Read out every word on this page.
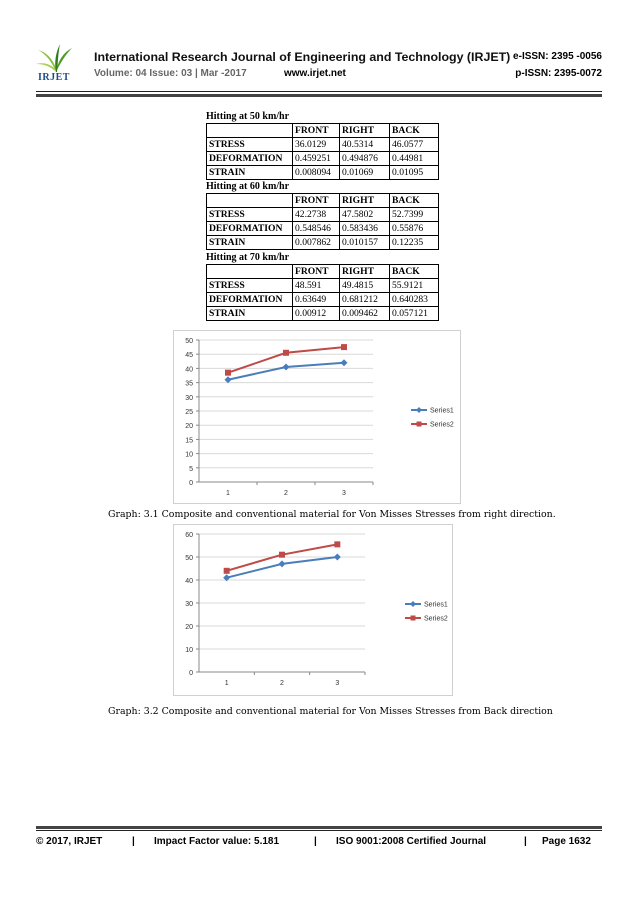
IRJET
International Research Journal of Engineering and Technology (IRJET) e-ISSN: 2395 -0056
Volume: 04 Issue: 03 | Mar -2017	www.irjet.net	p-ISSN: 2395-0072
Hitting at 50 km/hr
	FRONT	RIGHT	BACK
STRESS	36.0129	40.5314	46.0577
DEFORMATION	0.459251	0.494876	0.44981
STRAIN	0.008094	0.01069	0.01095
Hitting at 60 km/hr
	FRONT	RIGHT	BACK
STRESS	42.2738	47.5802	52.7399
DEFORMATION	0.548546	0.583436	0.55876
STRAIN	0.007862	0.010157	0.12235
Hitting at 70 km/hr
	FRONT	RIGHT	BACK
STRESS	48.591	49.4815	55.9121
DEFORMATION	0.63649	0.681212	0.640283
STRAIN	0.00912	0.009462	0.057121
0
5
10
15
20
25
30
35
40
45
50
1	2	3
Series1
Series2
Graph: 3.1 Composite and conventional material for Von Misses Stresses from right direction.
0
10
20
30
40
50
60
1	2	3
Series1
Series2
Graph: 3.2 Composite and conventional material for Von Misses Stresses from Back direction
© 2017, IRJET	| Impact Factor value: 5.181	| ISO 9001:2008 Certified Journal	| Page 1632
